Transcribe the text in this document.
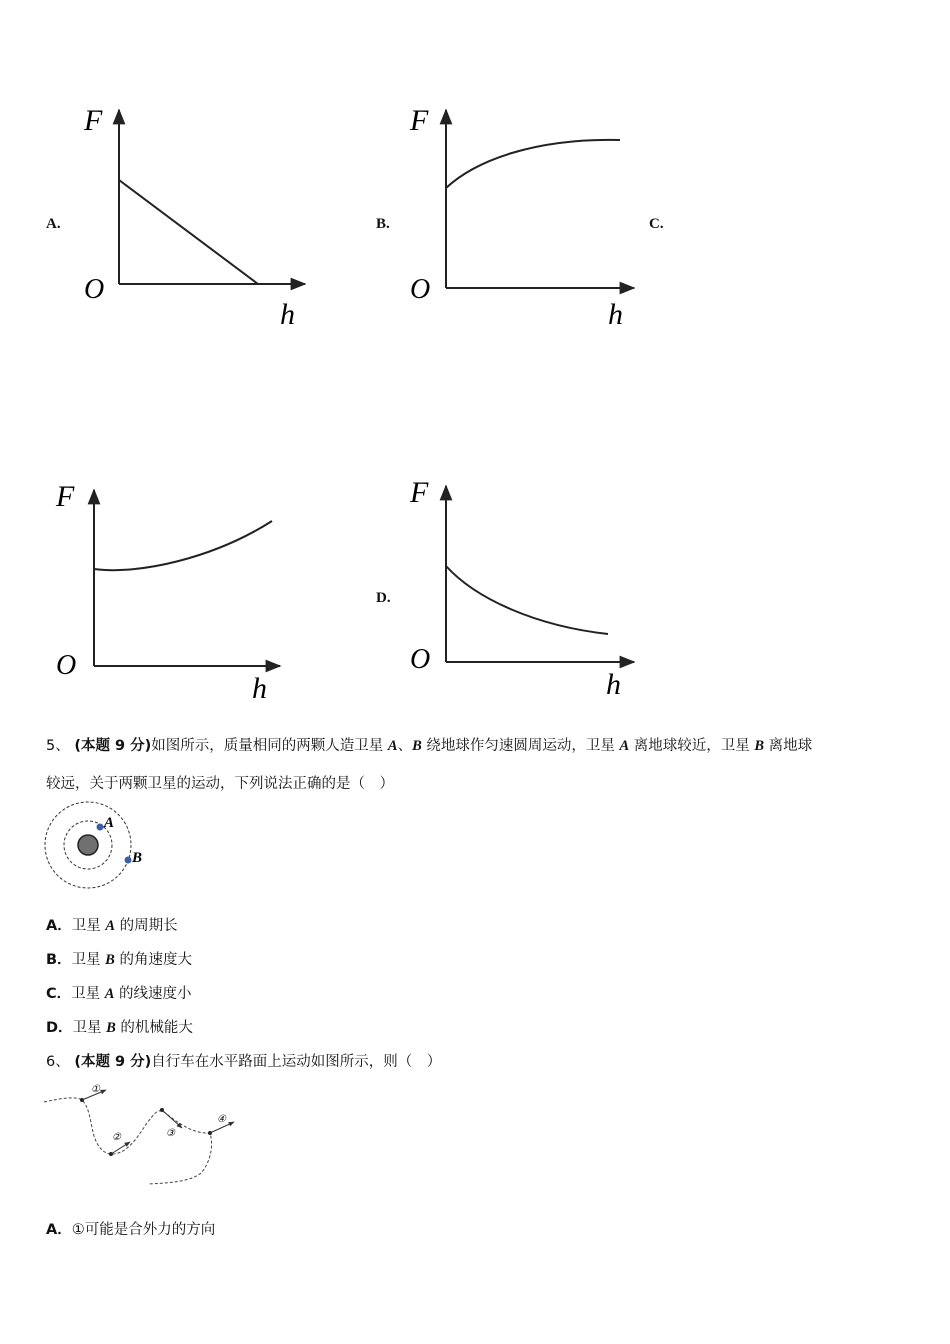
A.
F
O
h
B.
F
O
h
C.
F
O
h
D.
F
O
h
5、 (本题 9 分)如图所示，质量相同的两颗人造卫星 A、B 绕地球作匀速圆周运动，卫星 A 离地球较近，卫星 B 离地球
较远，关于两颗卫星的运动，下列说法正确的是（　）
A
B
A．卫星 A 的周期长
B．卫星 B 的角速度大
C．卫星 A 的线速度小
D．卫星 B 的机械能大
6、 (本题 9 分)自行车在水平路面上运动如图所示，则（　）
①
②	③
④
A．①可能是合外力的方向
